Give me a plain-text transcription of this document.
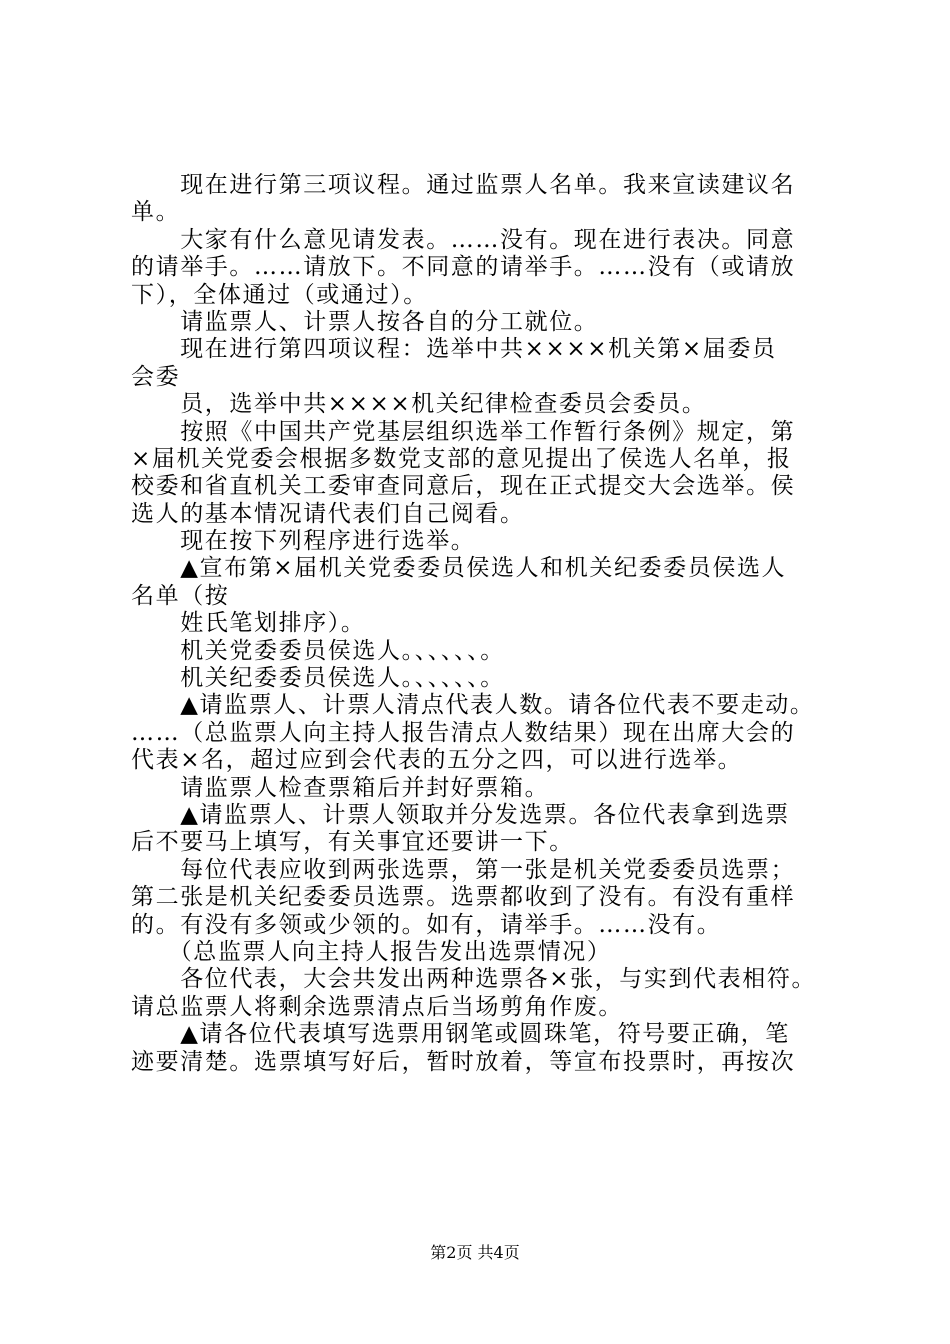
　　现在进行第三项议程。通过监票人名单。我来宣读建议名
单。
　　大家有什么意见请发表。……没有。现在进行表决。同意
的请举手。……请放下。不同意的请举手。……没有（或请放
下），全体通过（或通过）。
　　请监票人、计票人按各自的分工就位。
　　现在进行第四项议程：选举中共××××机关第×届委员
会委
　　员，选举中共××××机关纪律检查委员会委员。
　　按照《中国共产党基层组织选举工作暂行条例》规定，第
×届机关党委会根据多数党支部的意见提出了侯选人名单，报
校委和省直机关工委审查同意后，现在正式提交大会选举。侯
选人的基本情况请代表们自己阅看。
　　现在按下列程序进行选举。
　　▲宣布第×届机关党委委员侯选人和机关纪委委员侯选人
名单（按
　　姓氏笔划排序）。
　　机关党委委员侯选人。、、、、、。
　　机关纪委委员侯选人。、、、、、。
　　▲请监票人、计票人清点代表人数。请各位代表不要走动。
……（总监票人向主持人报告清点人数结果）现在出席大会的
代表×名，超过应到会代表的五分之四，可以进行选举。
　　请监票人检查票箱后并封好票箱。
　　▲请监票人、计票人领取并分发选票。各位代表拿到选票
后不要马上填写，有关事宜还要讲一下。
　　每位代表应收到两张选票，第一张是机关党委委员选票；
第二张是机关纪委委员选票。选票都收到了没有。有没有重样
的。有没有多领或少领的。如有，请举手。……没有。
　　（总监票人向主持人报告发出选票情况）
　　各位代表，大会共发出两种选票各×张，与实到代表相符。
请总监票人将剩余选票清点后当场剪角作废。
　　▲请各位代表填写选票用钢笔或圆珠笔，符号要正确，笔
迹要清楚。选票填写好后，暂时放着，等宣布投票时，再按次
第2页 共4页
